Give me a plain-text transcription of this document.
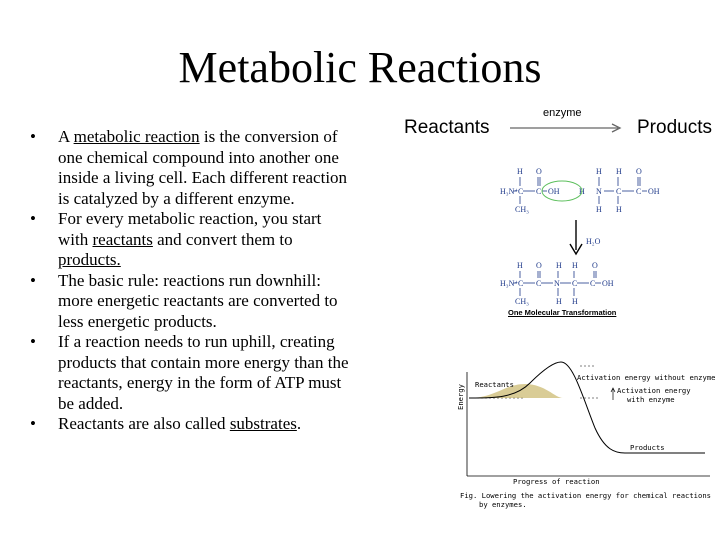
Metabolic Reactions
• A metabolic reaction is the conversion of one chemical compound into another one inside a living cell. Each different reaction is catalyzed by a different enzyme.
• For every metabolic reaction, you start with reactants and convert them to products.
• The basic rule: reactions run downhill: more energetic reactants are converted to less energetic products.
• If a reaction needs to run uphill, creating products that contain more energy than the reactants, energy in the form of ATP must be added.
• Reactants are also called substrates.
Reactants
enzyme
Products
H	H H
O	O
H₃N⁺ C C OH H N C C OH
CH₃	H H
H₂O
H O H H O
H₃N⁺ C C N C C OH
CH₃	H H
One Molecular Transformation
Energy
Progress of reaction
Reactants
Products
Activation energy without enzyme
Activation energy
with enzyme
Fig. Lowering the activation energy for chemical reactions
by enzymes.
